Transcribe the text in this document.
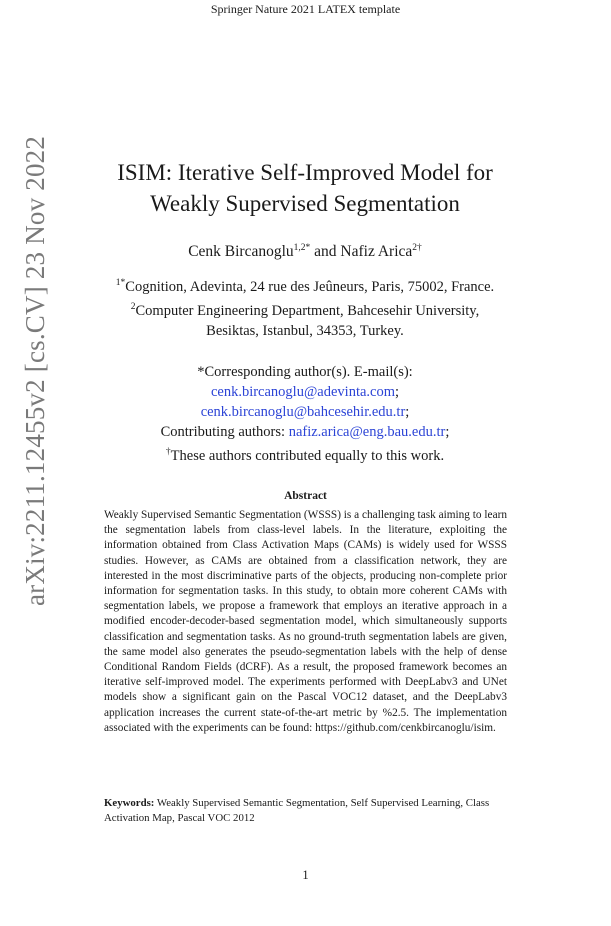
Springer Nature 2021 LATEX template
arXiv:2211.12455v2 [cs.CV] 23 Nov 2022	ISIM: Iterative Self-Improved Model for
Weakly Supervised Segmentation
Cenk Bircanoglu$^{1,2*}$ and Nafiz Arica$^{2\dagger}$
$^{1*}$Cognition, Adevinta, 24 rue des Jeûneurs, Paris, 75002, France.
$^2$Computer Engineering Department, Bahcesehir University,
Besiktas, Istanbul, 34353, Turkey.
*Corresponding author(s). E-mail(s):
cenk.bircanoglu@adevinta.com;
cenk.bircanoglu@bahcesehir.edu.tr;
Contributing authors: nafiz.arica@eng.bau.edu.tr;
†These authors contributed equally to this work.
Abstract
Weakly Supervised Semantic Segmentation (WSSS) is a challenging task aiming to learn the segmentation labels from class-level labels. In the literature, exploiting the information obtained from Class Activation Maps (CAMs) is widely used for WSSS studies. However, as CAMs are obtained from a classification network, they are interested in the most discriminative parts of the objects, producing non-complete prior information for segmentation tasks. In this study, to obtain more coherent CAMs with segmentation labels, we propose a framework that employs an iterative approach in a modified encoder-decoder-based segmentation model, which simultaneously supports classification and segmentation tasks. As no ground-truth segmentation labels are given, the same model also generates the pseudo-segmentation labels with the help of dense Conditional Random Fields (dCRF). As a result, the proposed framework becomes an iterative self-improved model. The experiments performed with DeepLabv3 and UNet models show a significant gain on the Pascal VOC12 dataset, and the DeepLabv3 application increases the current state-of-the-art metric by %2.5. The implementation associated with the experiments can be found: https://github.com/cenkbircanoglu/isim.
Keywords: Weakly Supervised Semantic Segmentation, Self Supervised Learning, Class Activation Map, Pascal VOC 2012
1
